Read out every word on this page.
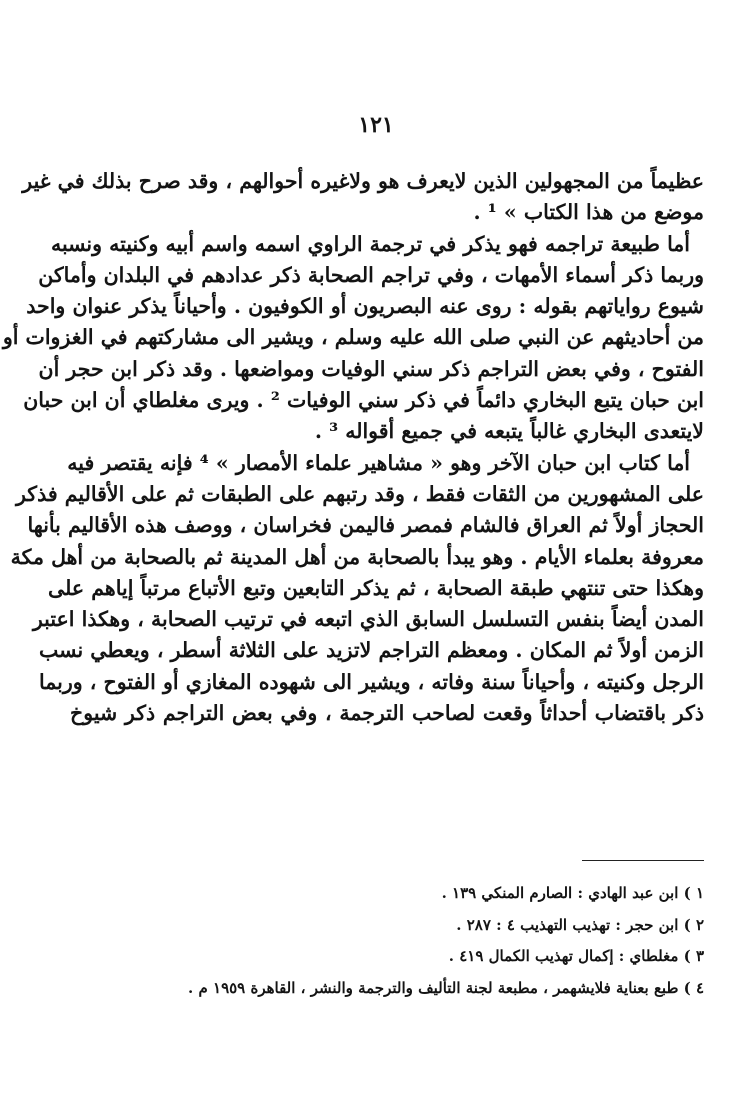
١٢١
عظيماً من المجهولين الذين لايعرف هو ولاغيره أحوالهم ، وقد صرح بذلك في غير
موضع من هذا الكتاب » ¹ .
أما طبيعة تراجمه فهو يذكر في ترجمة الراوي اسمه واسم أبيه وكنيته ونسبه
وربما ذكر أسماء الأمهات ، وفي تراجم الصحابة ذكر عدادهم في البلدان وأماكن
شيوع رواياتهم بقوله : روى عنه البصريون أو الكوفيون . وأحياناً يذكر عنوان واحد
من أحاديثهم عن النبي صلى الله عليه وسلم ، ويشير الى مشاركتهم في الغزوات أو
الفتوح ، وفي بعض التراجم ذكر سني الوفيات ومواضعها . وقد ذكر ابن حجر أن
ابن حبان يتبع البخاري دائماً في ذكر سني الوفيات ² . ويرى مغلطاي أن ابن حبان
لايتعدى البخاري غالباً يتبعه في جميع أقواله ³ .
أما كتاب ابن حبان الآخر وهو « مشاهير علماء الأمصار » ⁴ فإنه يقتصر فيه
على المشهورين من الثقات فقط ، وقد رتبهم على الطبقات ثم على الأقاليم فذكر
الحجاز أولاً ثم العراق فالشام فمصر فاليمن فخراسان ، ووصف هذه الأقاليم بأنها
معروفة بعلماء الأيام . وهو يبدأ بالصحابة من أهل المدينة ثم بالصحابة من أهل مكة
وهكذا حتى تنتهي طبقة الصحابة ، ثم يذكر التابعين وتبع الأتباع مرتباً إياهم على
المدن أيضاً بنفس التسلسل السابق الذي اتبعه في ترتيب الصحابة ، وهكذا اعتبر
الزمن أولاً ثم المكان . ومعظم التراجم لاتزيد على الثلاثة أسطر ، ويعطي نسب
الرجل وكنيته ، وأحياناً سنة وفاته ، ويشير الى شهوده المغازي أو الفتوح ، وربما
ذكر باقتضاب أحداثاً وقعت لصاحب الترجمة ، وفي بعض التراجم ذكر شيوخ
١ ) ابن عبد الهادي : الصارم المنكي ١٣٩ .
٢ ) ابن حجر : تهذيب التهذيب ٤ : ٢٨٧ .
٣ ) مغلطاي : إكمال تهذيب الكمال ٤١٩ .
٤ ) طبع بعناية فلايشهمر ، مطبعة لجنة التأليف والترجمة والنشر ، القاهرة ١٩٥٩ م .
